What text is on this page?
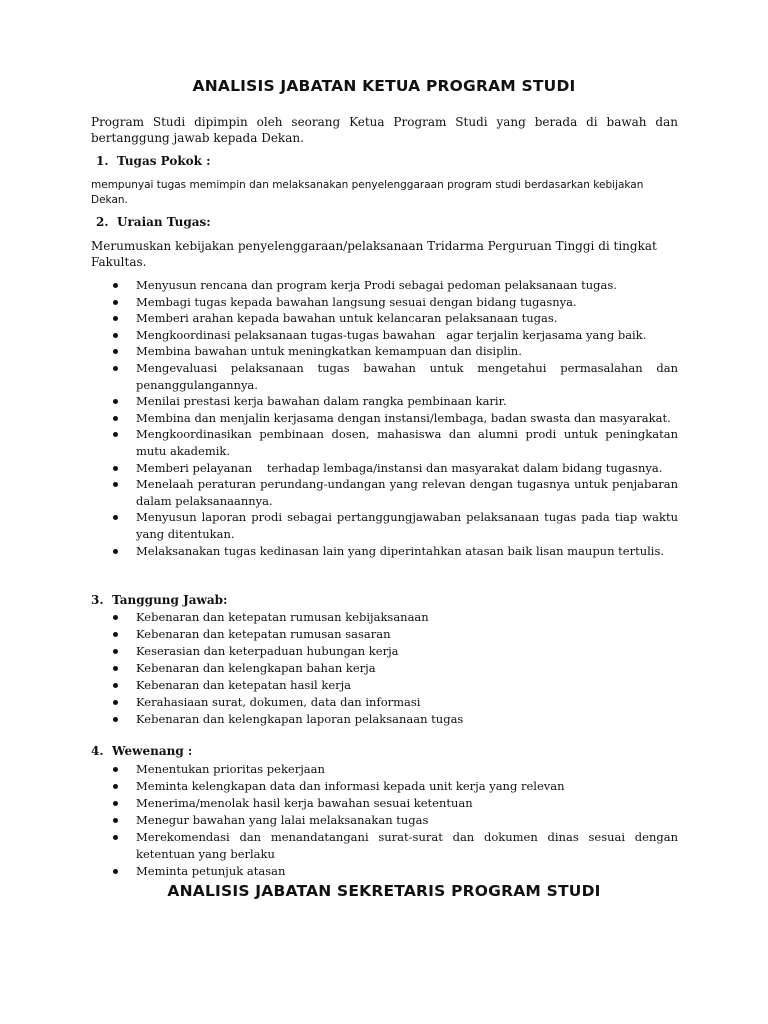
ANALISIS JABATAN KETUA PROGRAM STUDI

Program Studi dipimpin oleh seorang Ketua Program Studi yang berada di bawah dan bertanggung jawab kepada Dekan.

1. Tugas Pokok :

mempunyai tugas memimpin dan melaksanakan penyelenggaraan program studi berdasarkan kebijakan Dekan.

2. Uraian Tugas:

Merumuskan kebijakan penyelenggaraan/pelaksanaan Tridarma Perguruan Tinggi di tingkat Fakultas.

Menyusun rencana dan program kerja Prodi sebagai pedoman pelaksanaan tugas.
Membagi tugas kepada bawahan langsung sesuai dengan bidang tugasnya.
Memberi arahan kepada bawahan untuk kelancaran pelaksanaan tugas.
Mengkoordinasi pelaksanaan tugas-tugas bawahan   agar terjalin kerjasama yang baik.
Membina bawahan untuk meningkatkan kemampuan dan disiplin.
Mengevaluasi pelaksanaan tugas bawahan untuk mengetahui permasalahan dan penanggulangannya.
Menilai prestasi kerja bawahan dalam rangka pembinaan karir.
Membina dan menjalin kerjasama dengan instansi/lembaga, badan swasta dan masyarakat.
Mengkoordinasikan pembinaan dosen, mahasiswa dan alumni prodi untuk peningkatan mutu akademik.
Memberi pelayanan    terhadap lembaga/instansi dan masyarakat dalam bidang tugasnya.
Menelaah peraturan perundang-undangan yang relevan dengan tugasnya untuk penjabaran dalam pelaksanaannya.
Menyusun laporan prodi sebagai pertanggungjawaban pelaksanaan tugas pada tiap waktu yang ditentukan.
Melaksanakan tugas kedinasan lain yang diperintahkan atasan baik lisan maupun tertulis.
3. Tanggung Jawab:
Kebenaran dan ketepatan rumusan kebijaksanaan
Kebenaran dan ketepatan rumusan sasaran
Keserasian dan keterpaduan hubungan kerja
Kebenaran dan kelengkapan bahan kerja
Kebenaran dan ketepatan hasil kerja
Kerahasiaan surat, dokumen, data dan informasi
Kebenaran dan kelengkapan laporan pelaksanaan tugas
4. Wewenang :
Menentukan prioritas pekerjaan
Meminta kelengkapan data dan informasi kepada unit kerja yang relevan
Menerima/menolak hasil kerja bawahan sesuai ketentuan
Menegur bawahan yang lalai melaksanakan tugas
Merekomendasi dan menandatangani surat-surat dan dokumen dinas sesuai dengan ketentuan yang berlaku
Meminta petunjuk atasan
ANALISIS JABATAN SEKRETARIS PROGRAM STUDI
